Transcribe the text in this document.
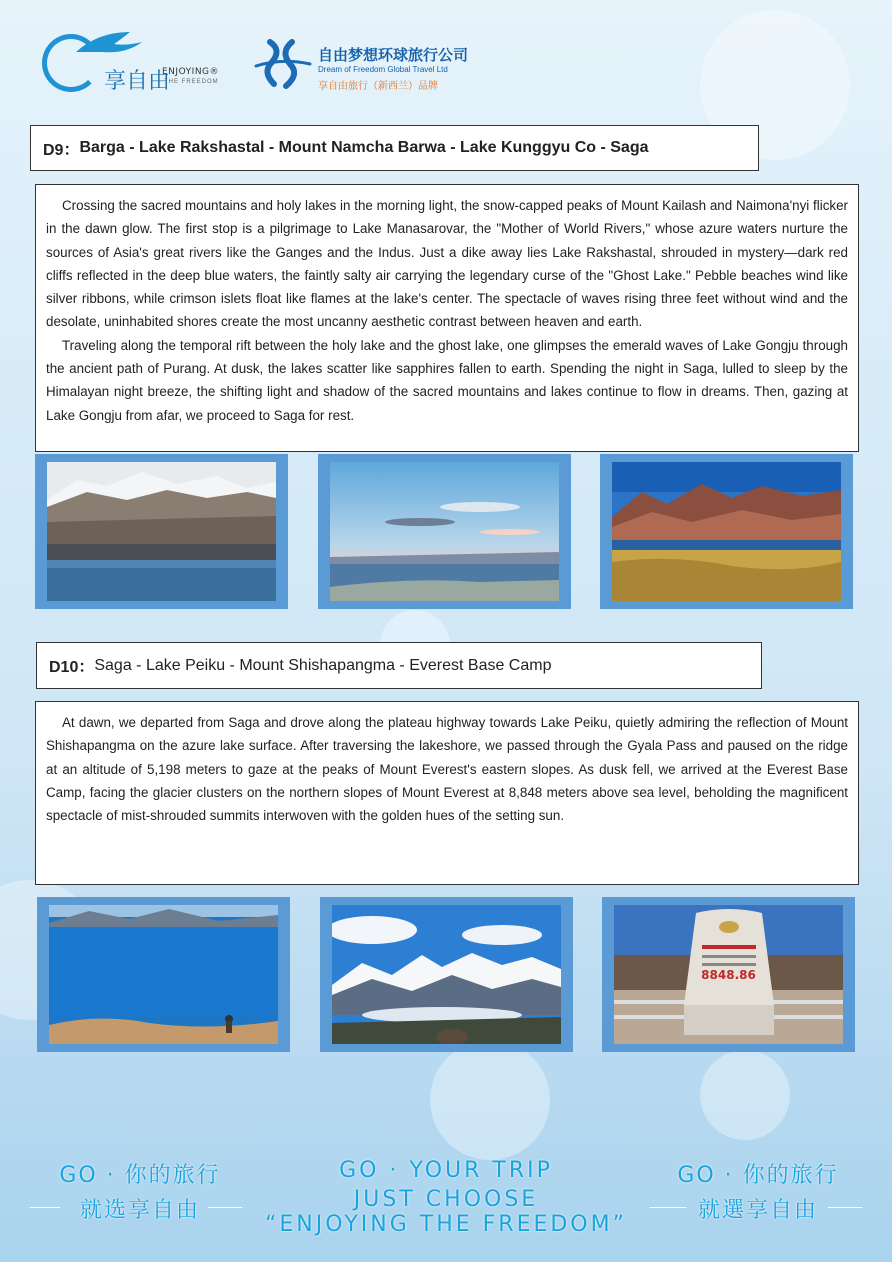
享自由
ENJOYING®
THE FREEDOM
自由梦想环球旅行公司
Dream of Freedom Global Travel Ltd
享自由旅行（新西兰）品牌
D9： Barga - Lake Rakshastal - Mount Namcha Barwa - Lake Kunggyu Co - Saga

Crossing the sacred mountains and holy lakes in the morning light, the snow-capped peaks of Mount Kailash and Naimona'nyi flicker in the dawn glow. The first stop is a pilgrimage to Lake Manasarovar, the "Mother of World Rivers," whose azure waters nurture the sources of Asia's great rivers like the Ganges and the Indus. Just a dike away lies Lake Rakshastal, shrouded in mystery—dark red cliffs reflected in the deep blue waters, the faintly salty air carrying the legendary curse of the "Ghost Lake." Pebble beaches wind like silver ribbons, while crimson islets float like flames at the lake's center. The spectacle of waves rising three feet without wind and the desolate, uninhabited shores create the most uncanny aesthetic contrast between heaven and earth.

Traveling along the temporal rift between the holy lake and the ghost lake, one glimpses the emerald waves of Lake Gongju through the ancient path of Purang. At dusk, the lakes scatter like sapphires fallen to earth. Spending the night in Saga, lulled to sleep by the Himalayan night breeze, the shifting light and shadow of the sacred mountains and lakes continue to flow in dreams. Then, gazing at Lake Gongju from afar, we proceed to Saga for rest.

D10： Saga - Lake Peiku - Mount Shishapangma - Everest Base Camp

At dawn, we departed from Saga and drove along the plateau highway towards Lake Peiku, quietly admiring the reflection of Mount Shishapangma on the azure lake surface. After traversing the lakeshore, we passed through the Gyala Pass and paused on the ridge at an altitude of 5,198 meters to gaze at the peaks of Mount Everest's eastern slopes. As dusk fell, we arrived at the Everest Base Camp, facing the glacier clusters on the northern slopes of Mount Everest at 8,848 meters above sea level, beholding the magnificent spectacle of mist-shrouded summits interwoven with the golden hues of the setting sun.

8848.86
GO · 你的旅行
就选享自由
GO · YOUR TRIP
JUST CHOOSE
“ENJOYING THE FREEDOM”
GO · 你的旅行
就選享自由
